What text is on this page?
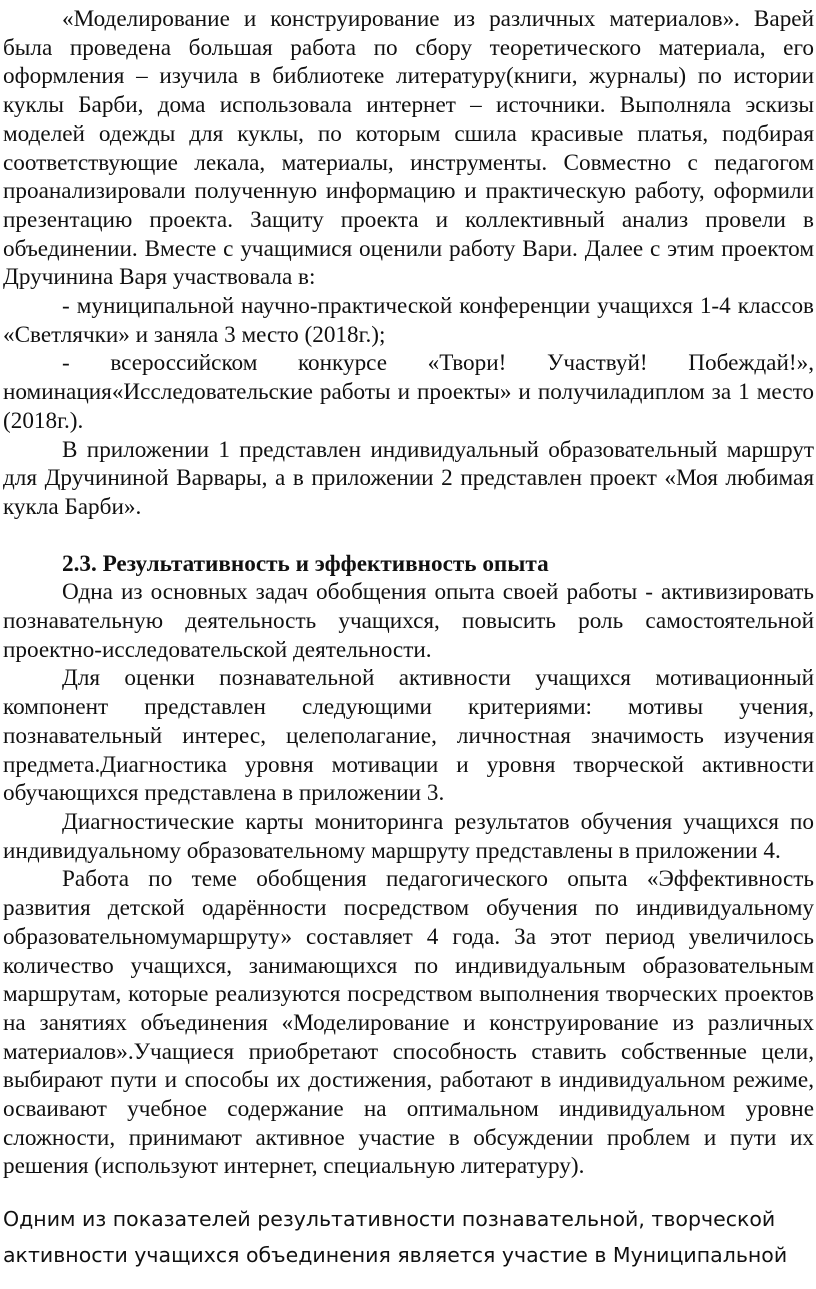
«Моделирование и конструирование из различных материалов». Варей была проведена большая работа по сбору теоретического материала, его оформления – изучила в библиотеке литературу(книги, журналы) по истории куклы Барби, дома использовала интернет – источники. Выполняла эскизы моделей одежды для куклы, по которым сшила красивые платья, подбирая соответствующие лекала, материалы, инструменты. Совместно с педагогом проанализировали полученную информацию и практическую работу, оформили презентацию проекта. Защиту проекта и коллективный анализ провели в объединении. Вместе с учащимися оценили работу Вари. Далее с этим проектом Дручинина Варя участвовала в:

- муниципальной научно-практической конференции учащихся 1-4 классов «Светлячки» и заняла 3 место (2018г.);

- всероссийском конкурсе «Твори! Участвуй! Побеждай!», номинация«Исследовательские работы и проекты» и получиладиплом за 1 место (2018г.).

В приложении 1 представлен индивидуальный образовательный маршрут для Дручининой Варвары, а в приложении 2 представлен проект «Моя любимая кукла Барби».

2.3. Результативность и эффективность опыта

Одна из основных задач обобщения опыта своей работы - активизировать познавательную деятельность учащихся, повысить роль самостоятельной проектно-исследовательской деятельности.

Для оценки познавательной активности учащихся мотивационный компонент представлен следующими критериями: мотивы учения, познавательный интерес, целеполагание, личностная значимость изучения предмета.Диагностика уровня мотивации и уровня творческой активности обучающихся представлена в приложении 3.

Диагностические карты мониторинга результатов обучения учащихся по индивидуальному образовательному маршруту представлены в приложении 4.

Работа по теме обобщения педагогического опыта «Эффективность развития детской одарённости посредством обучения по индивидуальному образовательномумаршруту» составляет 4 года. За этот период увеличилось количество учащихся, занимающихся по индивидуальным образовательным маршрутам, которые реализуются посредством выполнения творческих проектов на занятиях объединения «Моделирование и конструирование из различных материалов».Учащиеся приобретают способность ставить собственные цели, выбирают пути и способы их достижения, работают в индивидуальном режиме, осваивают учебное содержание на оптимальном индивидуальном уровне сложности, принимают активное участие в обсуждении проблем и пути их решения (используют интернет, специальную литературу).

Одним из показателей результативности познавательной, творческой активности учащихся объединения является участие в Муниципальной
